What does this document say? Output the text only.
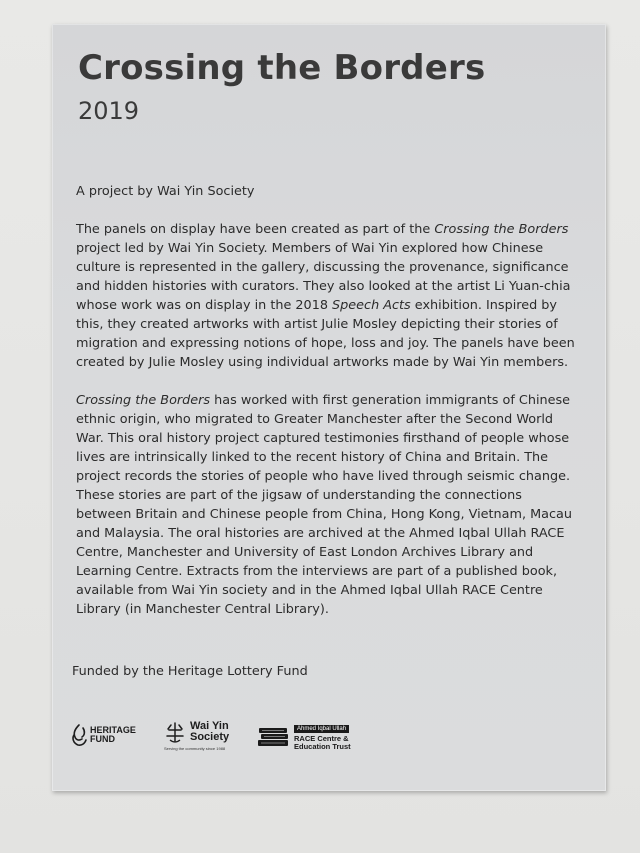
Crossing the Borders
2019

A project by Wai Yin Society

The panels on display have been created as part of the Crossing the Borders project led by Wai Yin Society. Members of Wai Yin explored how Chinese culture is represented in the gallery, discussing the provenance, significance and hidden histories with curators. They also looked at the artist Li Yuan-chia whose work was on display in the 2018 Speech Acts exhibition. Inspired by this, they created artworks with artist Julie Mosley depicting their stories of migration and expressing notions of hope, loss and joy. The panels have been created by Julie Mosley using individual artworks made by Wai Yin members.

Crossing the Borders has worked with first generation immigrants of Chinese ethnic origin, who migrated to Greater Manchester after the Second World War. This oral history project captured testimonies firsthand of people whose lives are intrinsically linked to the recent history of China and Britain. The project records the stories of people who have lived through seismic change. These stories are part of the jigsaw of understanding the connections between Britain and Chinese people from China, Hong Kong, Vietnam, Macau and Malaysia. The oral histories are archived at the Ahmed Iqbal Ullah RACE Centre, Manchester and University of East London Archives Library and Learning Centre. Extracts from the interviews are part of a published book, available from Wai Yin society and in the Ahmed Iqbal Ullah RACE Centre Library (in Manchester Central Library).

Funded by the Heritage Lottery Fund
HERITAGE
FUND
Wai Yin
Society
Serving the community since 1988
Ahmed Iqbal Ullah
RACE Centre &
Education Trust
